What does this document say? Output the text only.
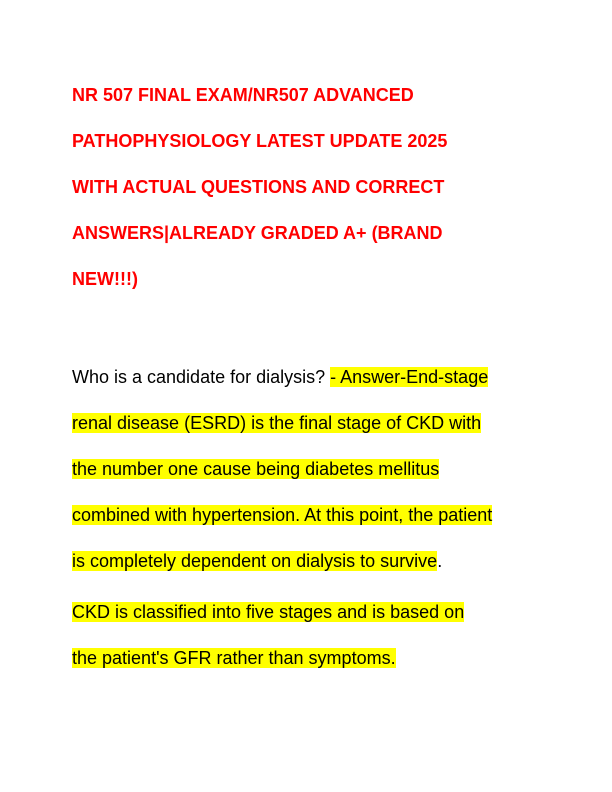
NR 507 FINAL EXAM/NR507 ADVANCED
PATHOPHYSIOLOGY LATEST UPDATE 2025
WITH ACTUAL QUESTIONS AND CORRECT
ANSWERS|ALREADY GRADED A+ (BRAND
NEW!!!)
Who is a candidate for dialysis? - Answer-End-stage
renal disease (ESRD) is the final stage of CKD with
the number one cause being diabetes mellitus
combined with hypertension. At this point, the patient
is completely dependent on dialysis to survive.
CKD is classified into five stages and is based on
the patient's GFR rather than symptoms.
